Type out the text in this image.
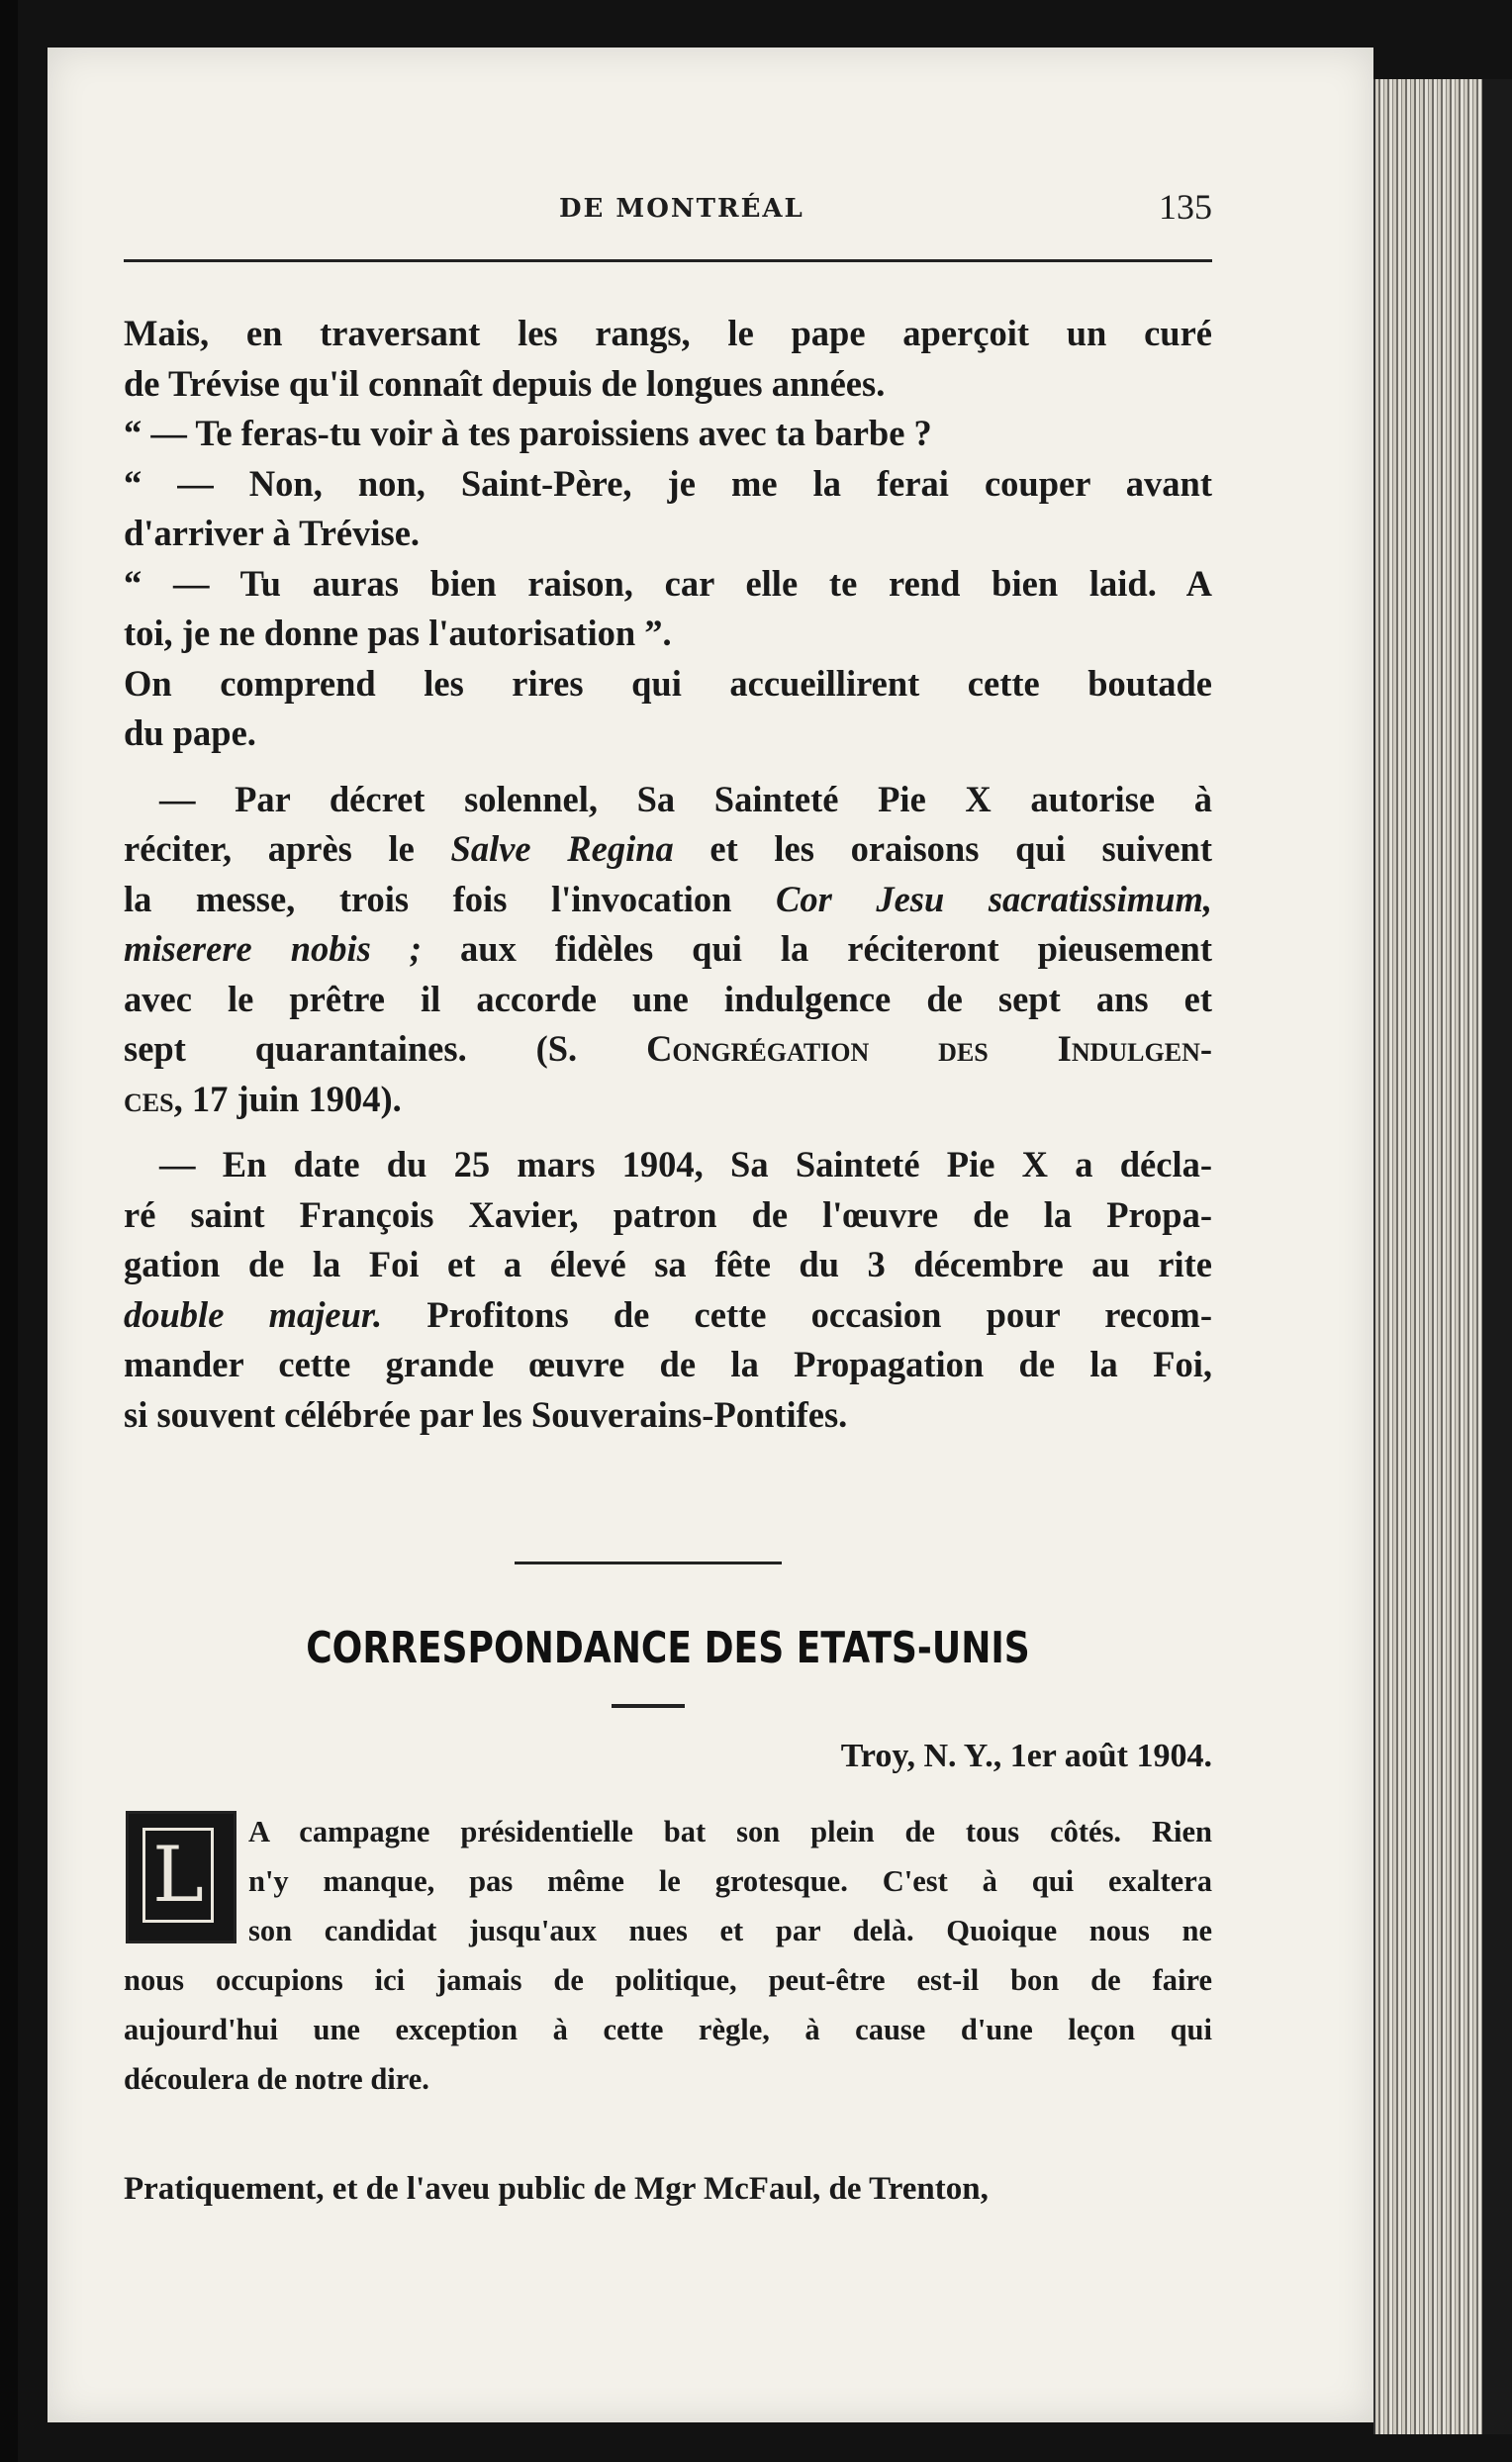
DE MONTRÉAL	135

Mais, en traversant les rangs, le pape aperçoit un curé
de Trévise qu'il connaît depuis de longues années.

“ — Te feras-tu voir à tes paroissiens avec ta barbe ?

“ — Non, non, Saint-Père, je me la ferai couper avant
d'arriver à Trévise.

“ — Tu auras bien raison, car elle te rend bien laid. A
toi, je ne donne pas l'autorisation ”.

On comprend les rires qui accueillirent cette boutade
du pape.

— Par décret solennel, Sa Sainteté Pie X autorise à
réciter, après le Salve Regina et les oraisons qui suivent
la messe, trois fois l'invocation Cor Jesu sacratissimum,
miserere nobis ; aux fidèles qui la réciteront pieusement
avec le prêtre il accorde une indulgence de sept ans et
sept quarantaines. (S. Congrégation des Indulgen-
ces, 17 juin 1904).

— En date du 25 mars 1904, Sa Sainteté Pie X a décla-
ré saint François Xavier, patron de l'œuvre de la Propa-
gation de la Foi et a élevé sa fête du 3 décembre au rite
double majeur. Profitons de cette occasion pour recom-
mander cette grande œuvre de la Propagation de la Foi,
si souvent célébrée par les Souverains-Pontifes.

CORRESPONDANCE DES ETATS-UNIS
Troy, N. Y., 1er août 1904.
L	A campagne présidentielle bat son plein de tous côtés. Rien
n'y manque, pas même le grotesque. C'est à qui exaltera
son candidat jusqu'aux nues et par delà. Quoique nous ne
nous occupions ici jamais de politique, peut-être est-il bon de faire
aujourd'hui une exception à cette règle, à cause d'une leçon qui
découlera de notre dire.
Pratiquement, et de l'aveu public de Mgr McFaul, de Trenton,
